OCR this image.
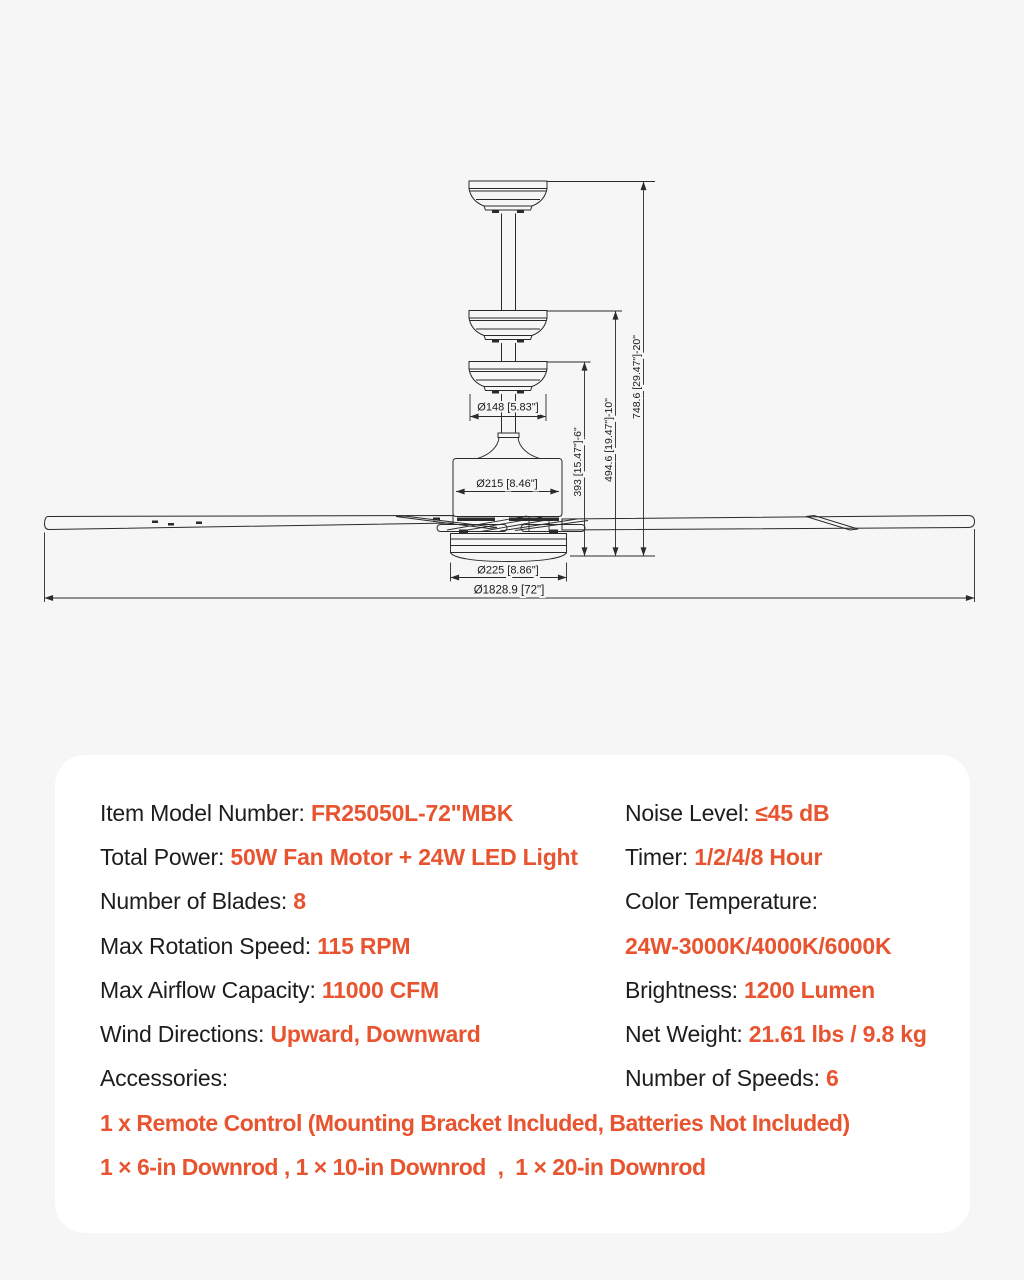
Ø148 [5.83"]
Ø215 [8.46"]
Ø225 [8.86"]
Ø1828.9 [72"]
393 [15.47"]-6" 494.6 [19.47"]-10"
748.6 [29.47"]-20"
Item Model Number: FR25050L-72"MBK	Noise Level: ≤45 dB
Total Power: 50W Fan Motor + 24W LED Light Timer: 1/2/4/8 Hour
Number of Blades: 8	Color Temperature:
Max Rotation Speed: 115 RPM	24W-3000K/4000K/6000K
Max Airflow Capacity: 11000 CFM	Brightness: 1200 Lumen
Wind Directions: Upward, Downward	Net Weight: 21.61 lbs / 9.8 kg
Accessories:	Number of Speeds: 6
1 x Remote Control (Mounting Bracket Included, Batteries Not Included)
1 × 6-in Downrod , 1 × 10-in Downrod  ,  1 × 20-in Downrod
